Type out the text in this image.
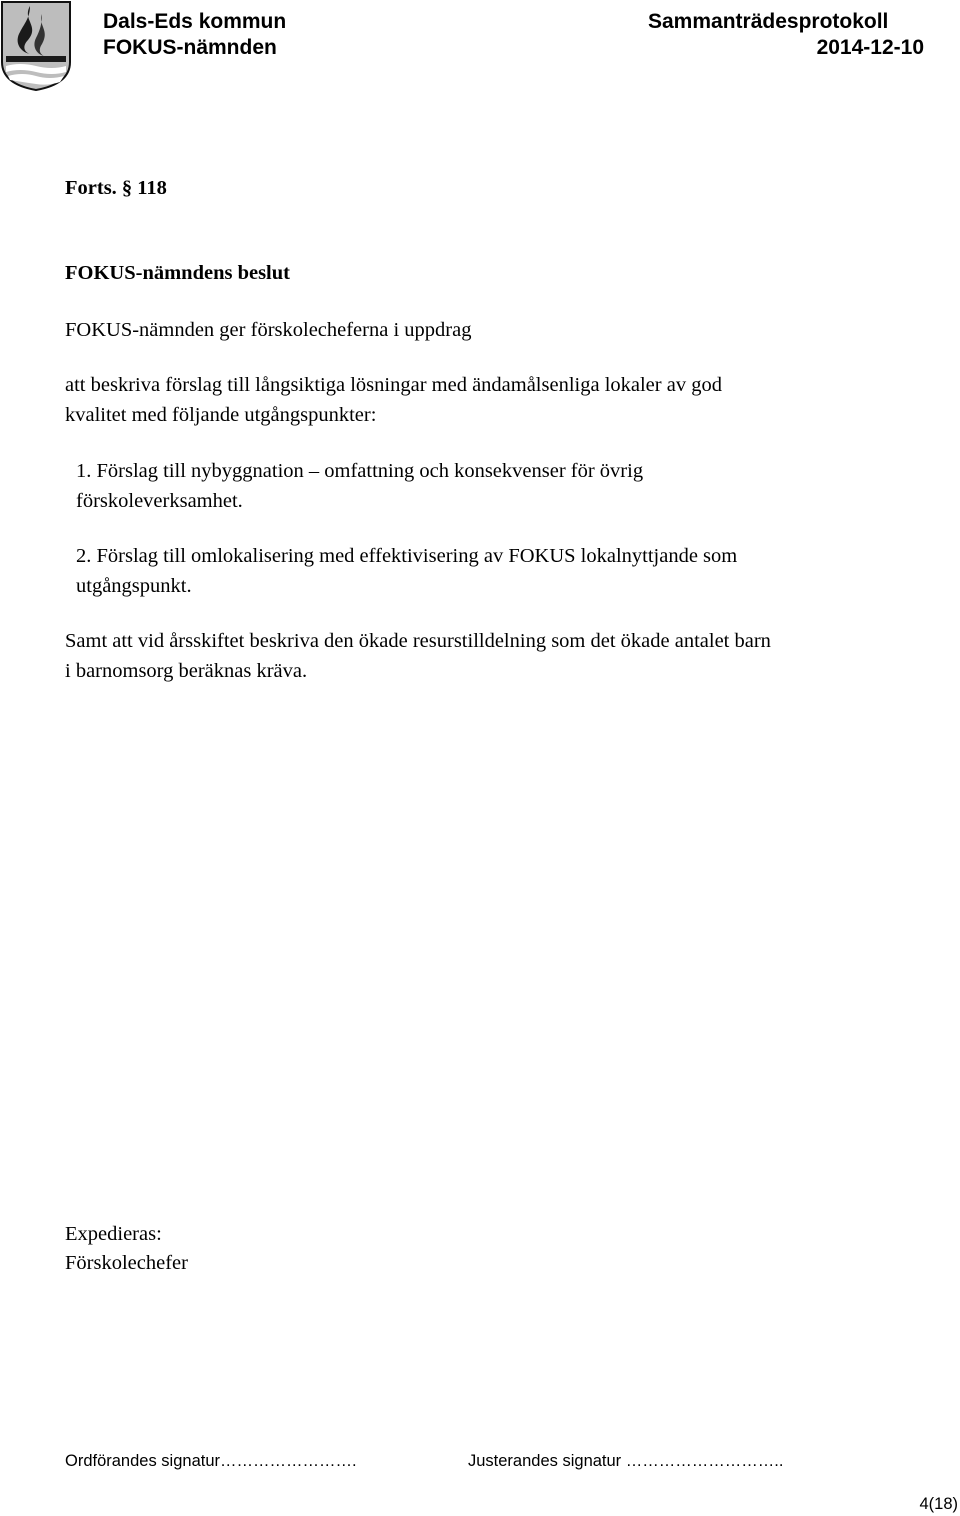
Dals-Eds kommun
FOKUS-nämnden
Sammanträdesprotokoll
2014-12-10
Forts. § 118
FOKUS-nämndens beslut
FOKUS-nämnden ger förskolecheferna i uppdrag
att beskriva förslag till långsiktiga lösningar med ändamålsenliga lokaler av god
kvalitet med följande utgångspunkter:
1. Förslag till nybyggnation – omfattning och konsekvenser för övrig
förskoleverksamhet.
2. Förslag till omlokalisering med effektivisering av FOKUS lokalnyttjande som
utgångspunkt.
Samt att vid årsskiftet beskriva den ökade resurstilldelning som det ökade antalet barn
i barnomsorg beräknas kräva.
Expedieras:
Förskolechefer
Ordförandes signatur…………………….	Justerandes signatur ………………………..
4(18)
